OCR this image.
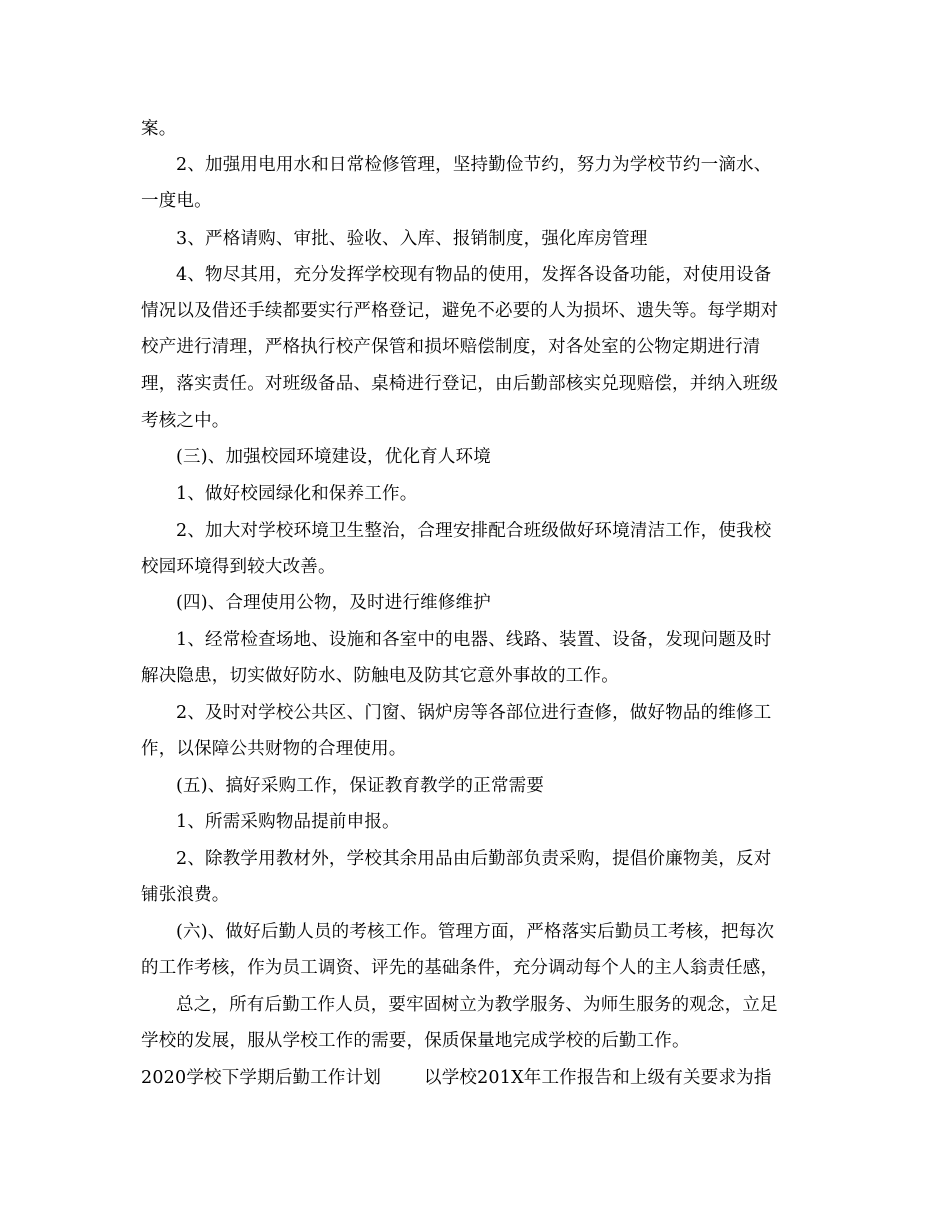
案。
2、加强用电用水和日常检修管理，坚持勤俭节约，努力为学校节约一滴水、
一度电。
3、严格请购、审批、验收、入库、报销制度，强化库房管理
4、物尽其用，充分发挥学校现有物品的使用，发挥各设备功能，对使用设备
情况以及借还手续都要实行严格登记，避免不必要的人为损坏、遗失等。每学期对
校产进行清理，严格执行校产保管和损坏赔偿制度，对各处室的公物定期进行清
理，落实责任。对班级备品、桌椅进行登记，由后勤部核实兑现赔偿，并纳入班级
考核之中。
(三)、加强校园环境建设，优化育人环境
1、做好校园绿化和保养工作。
2、加大对学校环境卫生整治，合理安排配合班级做好环境清洁工作，使我校
校园环境得到较大改善。
(四)、合理使用公物，及时进行维修维护
1、经常检查场地、设施和各室中的电器、线路、装置、设备，发现问题及时
解决隐患，切实做好防水、防触电及防其它意外事故的工作。
2、及时对学校公共区、门窗、锅炉房等各部位进行查修，做好物品的维修工
作，以保障公共财物的合理使用。
(五)、搞好采购工作，保证教育教学的正常需要
1、所需采购物品提前申报。
2、除教学用教材外，学校其余用品由后勤部负责采购，提倡价廉物美，反对
铺张浪费。
(六)、做好后勤人员的考核工作。管理方面，严格落实后勤员工考核，把每次
的工作考核，作为员工调资、评先的基础条件，充分调动每个人的主人翁责任感，
总之，所有后勤工作人员，要牢固树立为教学服务、为师生服务的观念，立足
学校的发展，服从学校工作的需要，保质保量地完成学校的后勤工作。
2020学校下学期后勤工作计划 以学校201X年工作报告和上级有关要求为指
